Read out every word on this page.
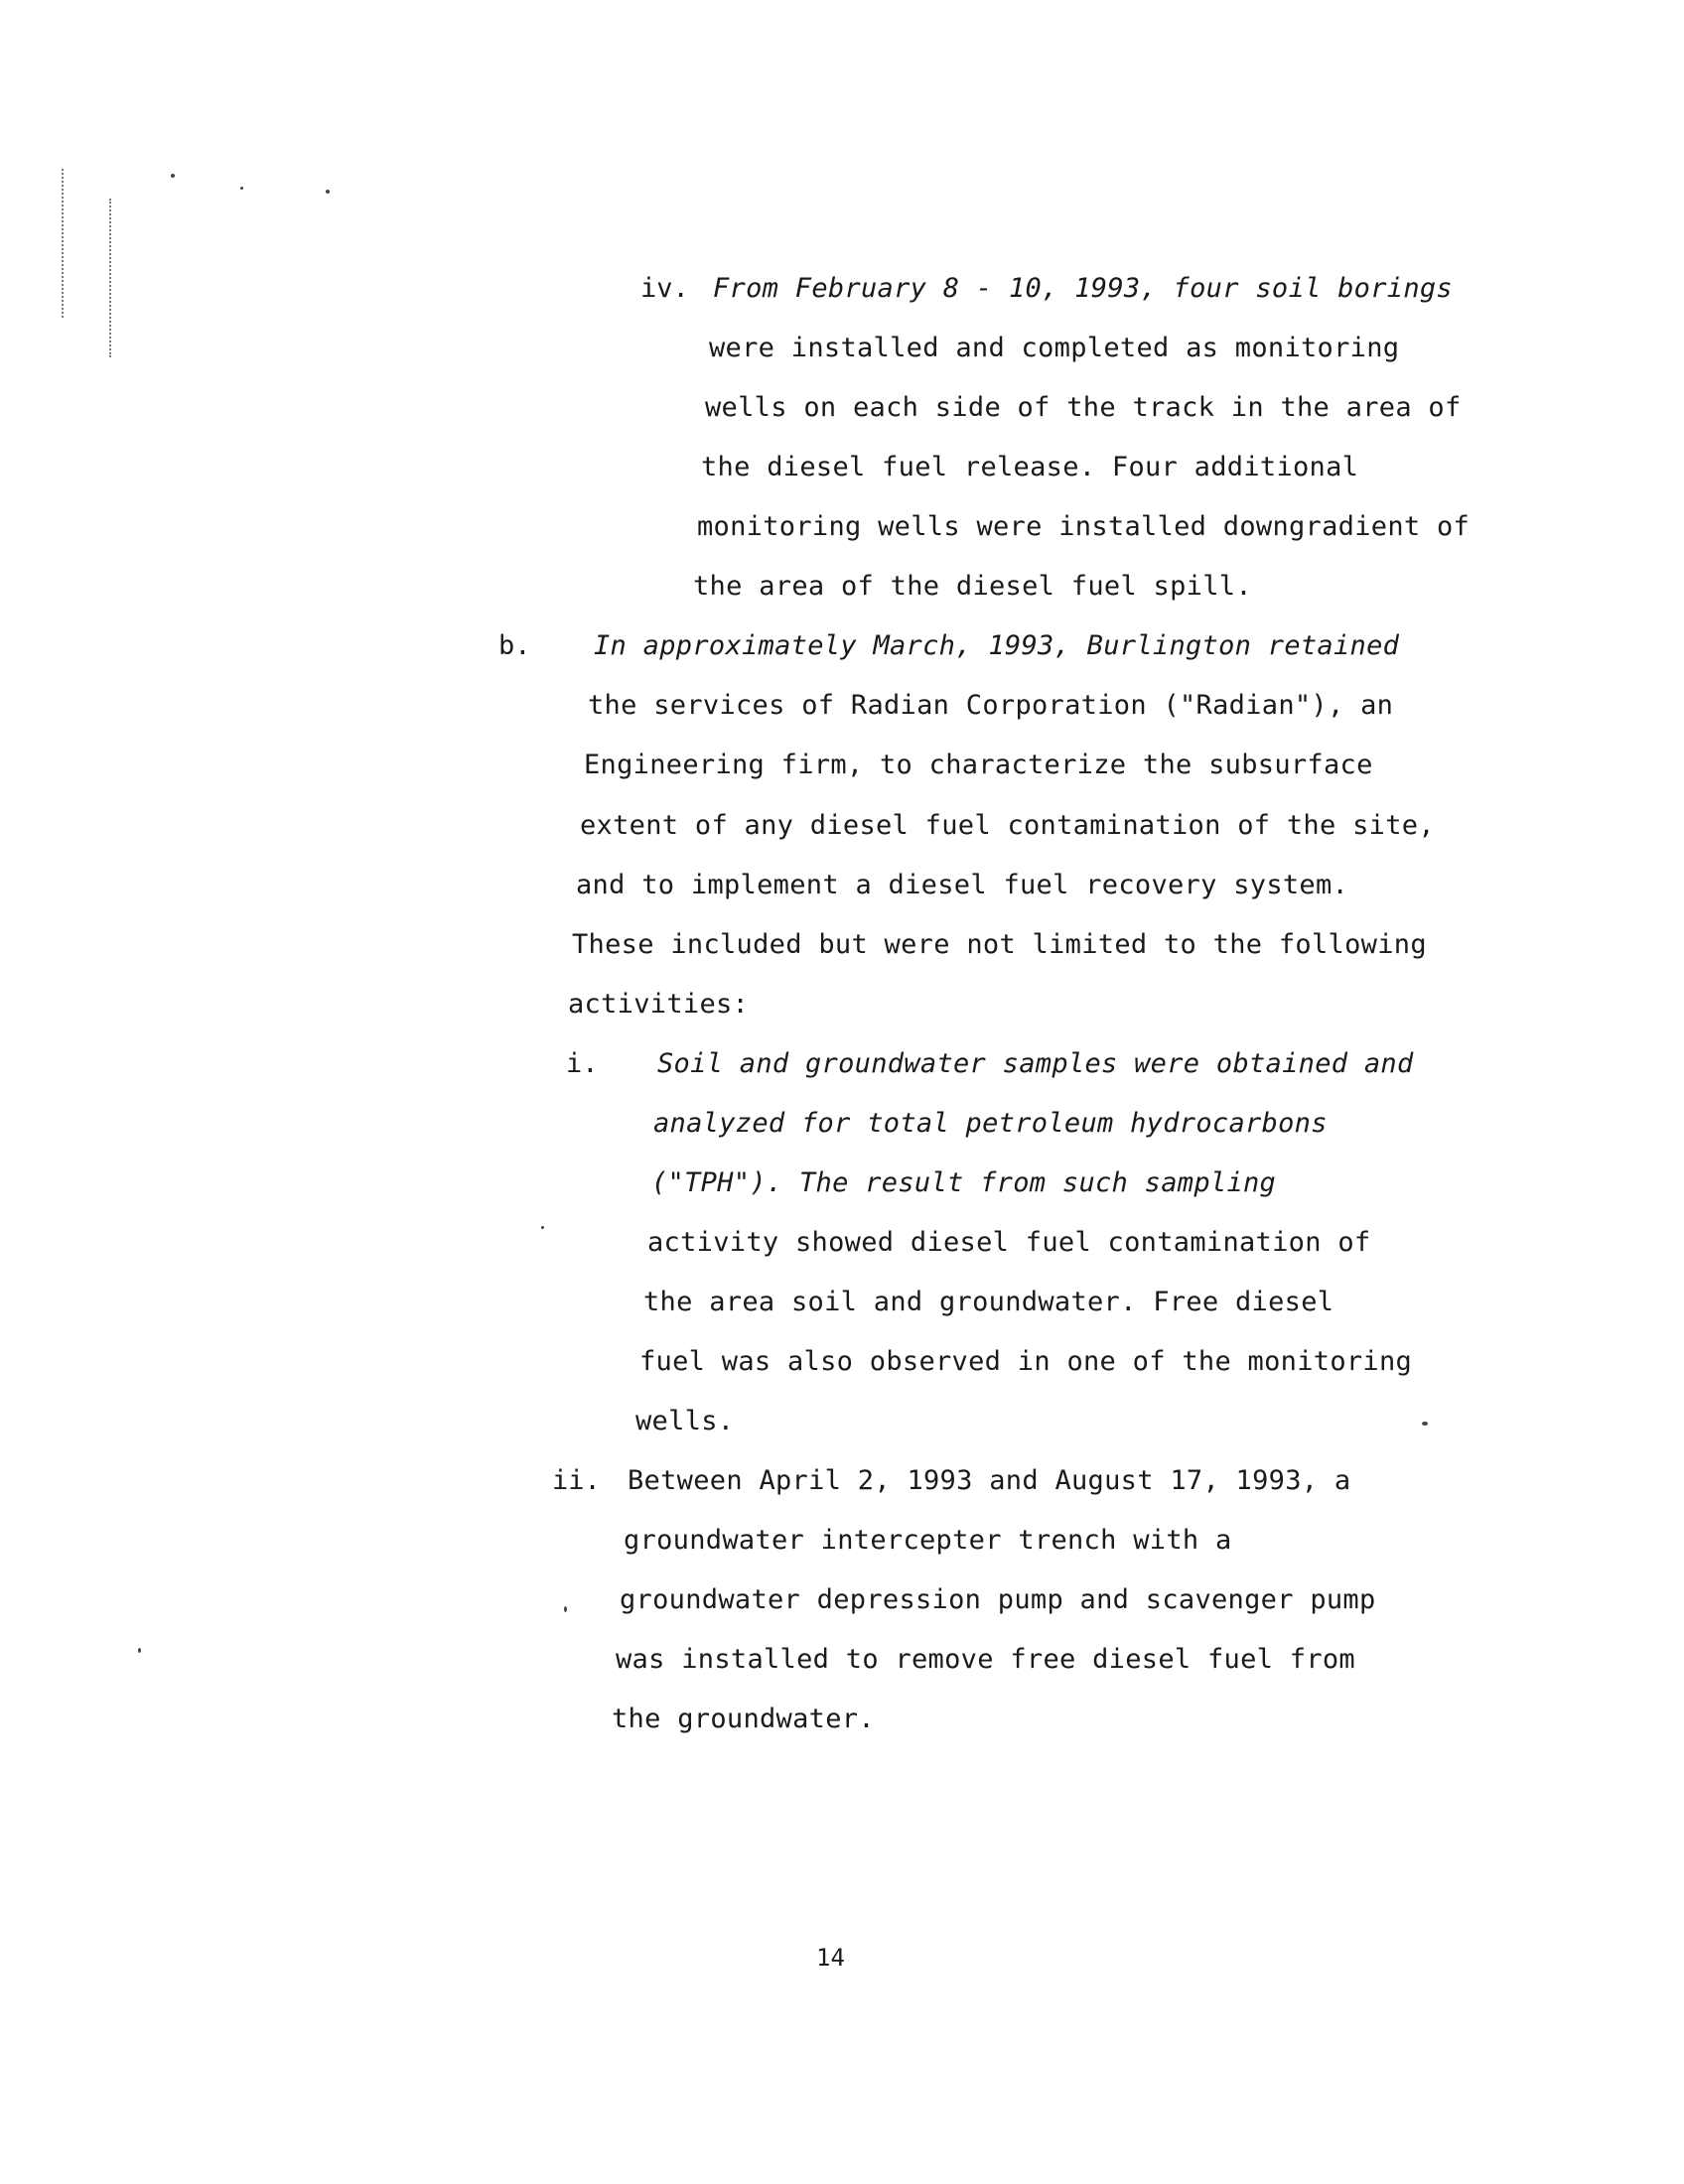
iv. From February 8 - 10, 1993, four soil borings
were installed and completed as monitoring
wells on each side of the track in the area of
the diesel fuel release. Four additional
monitoring wells were installed downgradient of
the area of the diesel fuel spill.
b. In approximately March, 1993, Burlington retained
the services of Radian Corporation ("Radian"), an
Engineering firm, to characterize the subsurface
extent of any diesel fuel contamination of the site,
and to implement a diesel fuel recovery system.
These included but were not limited to the following
activities:
i. Soil and groundwater samples were obtained and
analyzed for total petroleum hydrocarbons
("TPH"). The result from such sampling
activity showed diesel fuel contamination of
the area soil and groundwater. Free diesel
fuel was also observed in one of the monitoring
wells.
ii. Between April 2, 1993 and August 17, 1993, a
groundwater intercepter trench with a
groundwater depression pump and scavenger pump
was installed to remove free diesel fuel from
the groundwater.
14
